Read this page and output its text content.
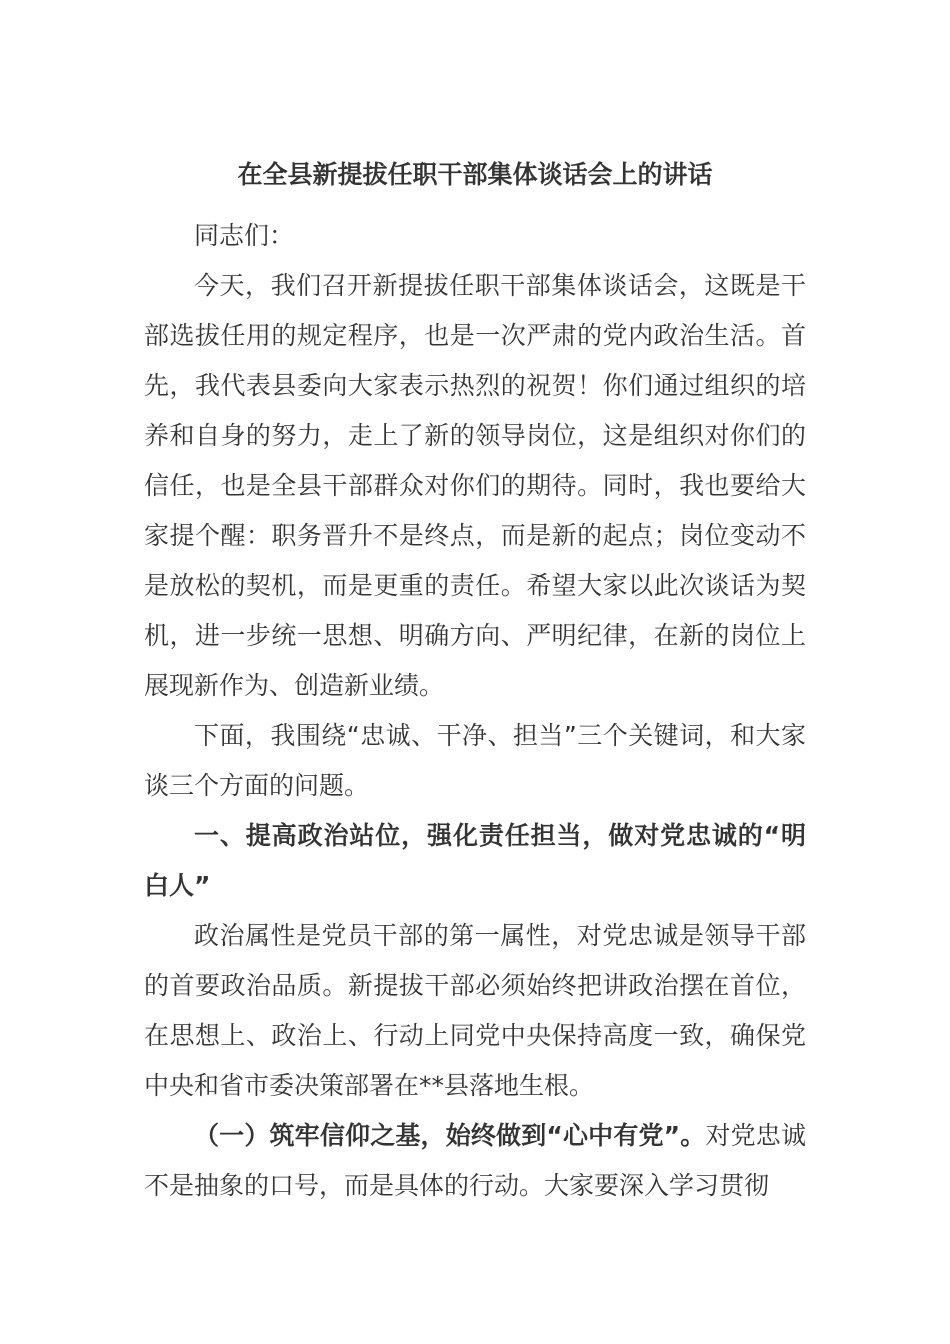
在全县新提拔任职干部集体谈话会上的讲话

同志们：

今天，我们召开新提拔任职干部集体谈话会，这既是干部选拔任用的规定程序，也是一次严肃的党内政治生活。首先，我代表县委向大家表示热烈的祝贺！你们通过组织的培养和自身的努力，走上了新的领导岗位，这是组织对你们的信任，也是全县干部群众对你们的期待。同时，我也要给大家提个醒：职务晋升不是终点，而是新的起点；岗位变动不是放松的契机，而是更重的责任。希望大家以此次谈话为契机，进一步统一思想、明确方向、严明纪律，在新的岗位上展现新作为、创造新业绩。

下面，我围绕“忠诚、干净、担当”三个关键词，和大家谈三个方面的问题。

一、提高政治站位，强化责任担当，做对党忠诚的“明白人”

政治属性是党员干部的第一属性，对党忠诚是领导干部的首要政治品质。新提拔干部必须始终把讲政治摆在首位，在思想上、政治上、行动上同党中央保持高度一致，确保党中央和省市委决策部署在**县落地生根。

（一）筑牢信仰之基，始终做到“心中有党”。对党忠诚不是抽象的口号，而是具体的行动。大家要深入学习贯彻
